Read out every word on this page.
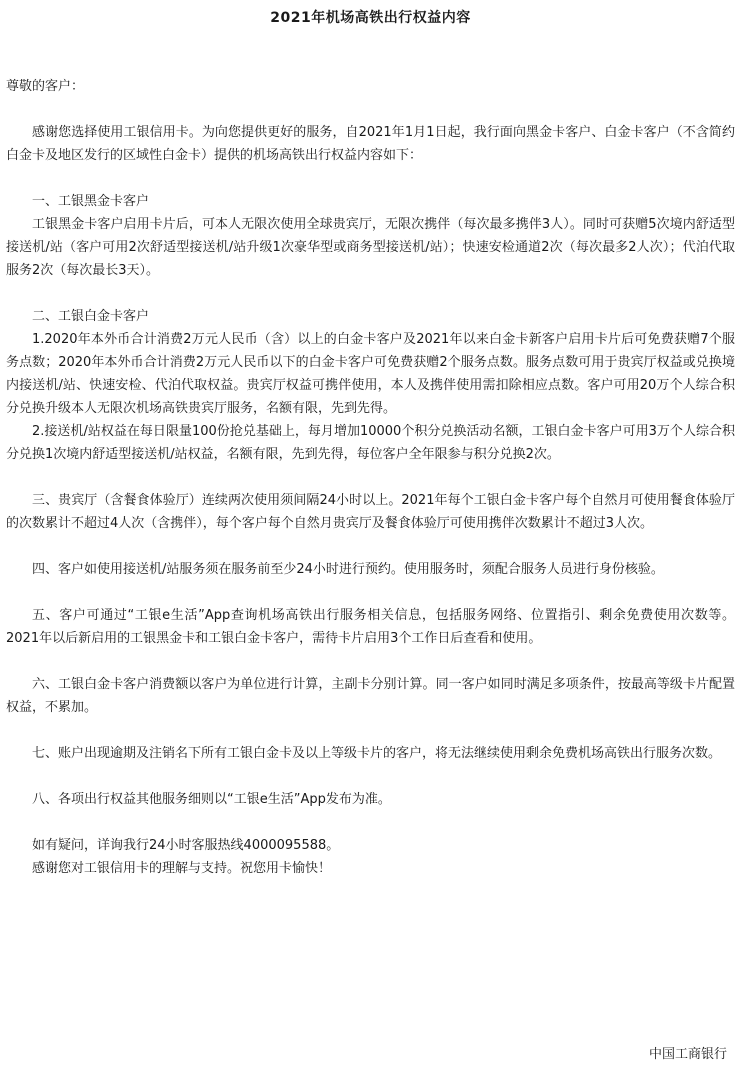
2021年机场高铁出行权益内容

尊敬的客户：

感谢您选择使用工银信用卡。为向您提供更好的服务，自2021年1月1日起，我行面向黑金卡客户、白金卡客户（不含简约白金卡及地区发行的区域性白金卡）提供的机场高铁出行权益内容如下：

一、工银黑金卡客户

工银黑金卡客户启用卡片后，可本人无限次使用全球贵宾厅，无限次携伴（每次最多携伴3人）。同时可获赠5次境内舒适型接送机/站（客户可用2次舒适型接送机/站升级1次豪华型或商务型接送机/站）；快速安检通道2次（每次最多2人次）；代泊代取服务2次（每次最长3天）。

二、工银白金卡客户

1.2020年本外币合计消费2万元人民币（含）以上的白金卡客户及2021年以来白金卡新客户启用卡片后可免费获赠7个服务点数；2020年本外币合计消费2万元人民币以下的白金卡客户可免费获赠2个服务点数。服务点数可用于贵宾厅权益或兑换境内接送机/站、快速安检、代泊代取权益。贵宾厅权益可携伴使用，本人及携伴使用需扣除相应点数。客户可用20万个人综合积分兑换升级本人无限次机场高铁贵宾厅服务，名额有限，先到先得。

2.接送机/站权益在每日限量100份抢兑基础上，每月增加10000个积分兑换活动名额，工银白金卡客户可用3万个人综合积分兑换1次境内舒适型接送机/站权益，名额有限，先到先得，每位客户全年限参与积分兑换2次。

三、贵宾厅（含餐食体验厅）连续两次使用须间隔24小时以上。2021年每个工银白金卡客户每个自然月可使用餐食体验厅的次数累计不超过4人次（含携伴），每个客户每个自然月贵宾厅及餐食体验厅可使用携伴次数累计不超过3人次。

四、客户如使用接送机/站服务须在服务前至少24小时进行预约。使用服务时，须配合服务人员进行身份核验。

五、客户可通过“工银e生活”App查询机场高铁出行服务相关信息，包括服务网络、位置指引、剩余免费使用次数等。2021年以后新启用的工银黑金卡和工银白金卡客户，需待卡片启用3个工作日后查看和使用。

六、工银白金卡客户消费额以客户为单位进行计算，主副卡分别计算。同一客户如同时满足多项条件，按最高等级卡片配置权益，不累加。

七、账户出现逾期及注销名下所有工银白金卡及以上等级卡片的客户，将无法继续使用剩余免费机场高铁出行服务次数。

八、各项出行权益其他服务细则以“工银e生活”App发布为准。

如有疑问，详询我行24小时客服热线4000095588。

感谢您对工银信用卡的理解与支持。祝您用卡愉快！

中国工商银行
